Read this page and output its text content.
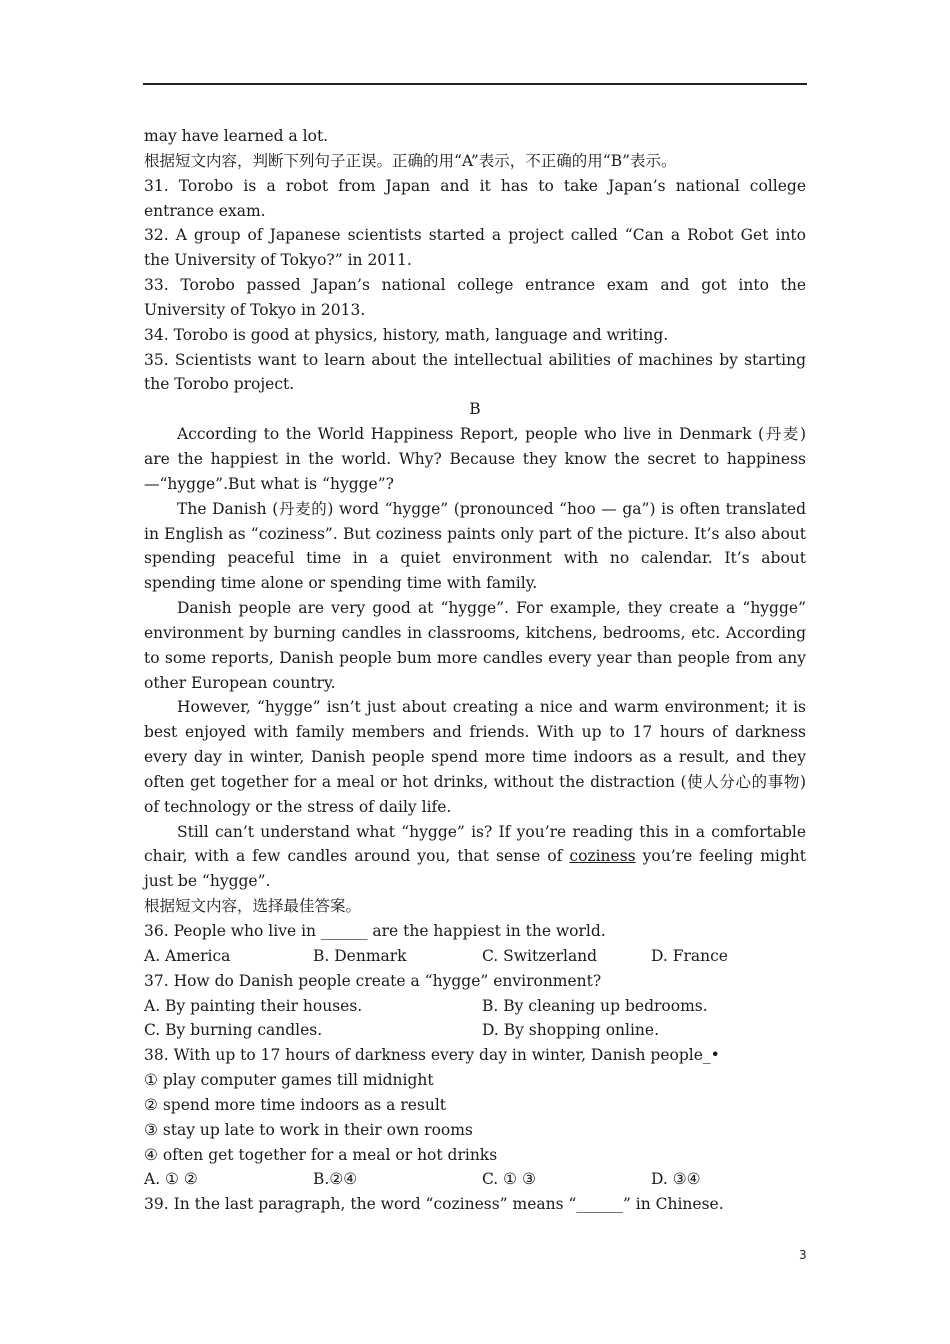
may have learned a lot.

根据短文内容，判断下列句子正误。正确的用“A”表示，不正确的用“B”表示。

31. Torobo is a robot from Japan and it has to take Japan’s national college entrance exam.

32. A group of Japanese scientists started a project called “Can a Robot Get into the University of Tokyo?” in 2011.

33. Torobo passed Japan’s national college entrance exam and got into the University of Tokyo in 2013.

34. Torobo is good at physics, history, math, language and writing.

35. Scientists want to learn about the intellectual abilities of machines by starting the Torobo project.

B

According to the World Happiness Report, people who live in Denmark (丹麦) are the happiest in the world. Why? Because they know the secret to happiness —“hygge”.But what is “hygge”?

The Danish (丹麦的) word “hygge” (pronounced “hoo — ga”) is often translated in English as “coziness”. But coziness paints only part of the picture. It’s also about spending peaceful time in a quiet environment with no calendar. It’s about spending time alone or spending time with family.

Danish people are very good at “hygge”. For example, they create a “hygge” environment by burning candles in classrooms, kitchens, bedrooms, etc. According to some reports, Danish people bum more candles every year than people from any other European country.

However, “hygge” isn’t just about creating a nice and warm environment; it is best enjoyed with family members and friends. With up to 17 hours of darkness every day in winter, Danish people spend more time indoors as a result, and they often get together for a meal or hot drinks, without the distraction (使人分心的事物) of technology or the stress of daily life.

Still can’t understand what “hygge” is? If you’re reading this in a comfortable chair, with a few candles around you, that sense of coziness you’re feeling might just be “hygge”.

根据短文内容，选择最佳答案。

36. People who live in ______ are the happiest in the world.

A. America	B. Denmark	C. Switzerland	D. France

37. How do Danish people create a “hygge” environment?

A. By painting their houses.	B. By cleaning up bedrooms.
C. By burning candles.	D. By shopping online.

38. With up to 17 hours of darkness every day in winter, Danish people_•

① play computer games till midnight

② spend more time indoors as a result

③ stay up late to work in their own rooms

④ often get together for a meal or hot drinks

A. ① ②	B.②④	C. ① ③	D. ③④

39. In the last paragraph, the word “coziness” means “______” in Chinese.

3
